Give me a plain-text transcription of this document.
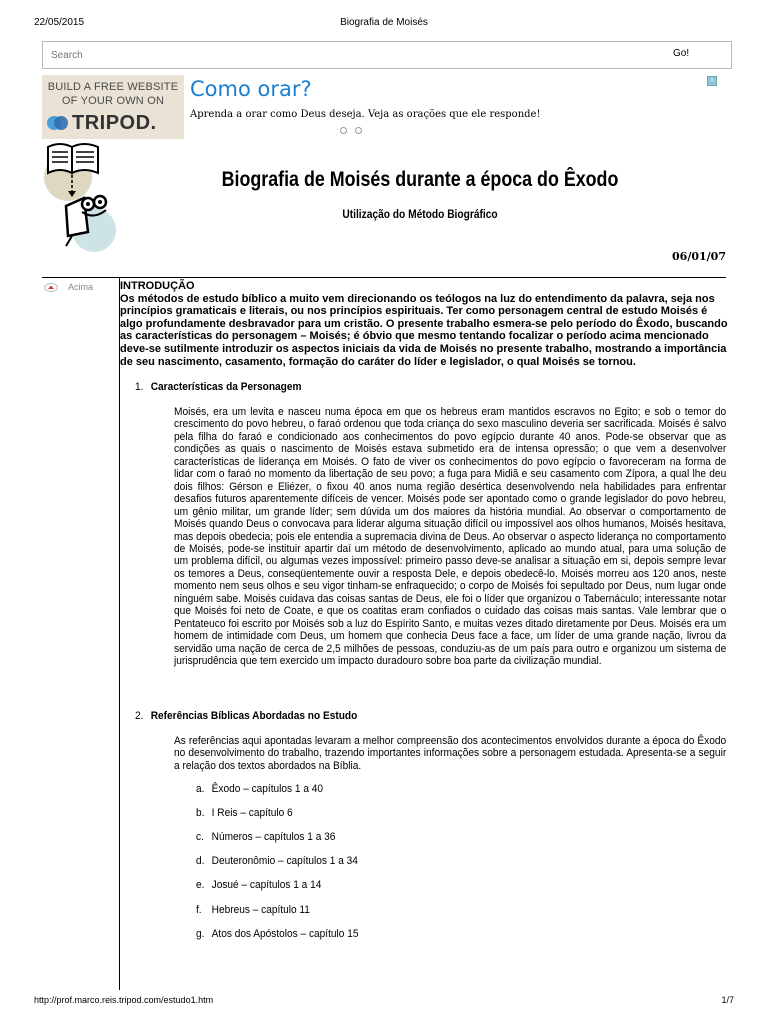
22/05/2015	Biografia de Moisés
Search
Go!
BUILD A FREE WEBSITE
OF YOUR OWN ON
TRIPOD.
Como orar?
Aprenda a orar como Deus deseja. Veja as orações que ele responde!
i
Biografia de Moisés durante a época do Êxodo
Utilização do Método Biográfico
06/01/07
Acima INTRODUÇÃO
Os métodos de estudo bíblico a muito vem direcionando os teólogos na luz do entendimento da palavra, seja nos princípios gramaticais e literais, ou nos princípios espirituais. Ter como personagem central de estudo Moisés é algo profundamente desbravador para um cristão. O presente trabalho esmera-se pelo período do Êxodo, buscando as características do personagem – Moisés; é óbvio que mesmo tentando focalizar o período acima mencionado deve-se sutilmente introduzir os aspectos iniciais da vida de Moisés no presente trabalho, mostrando a importância de seu nascimento, casamento, formação do caráter do líder e legislador, o qual Moisés se tornou.
1. Características da Personagem
Moisés, era um levita e nasceu numa época em que os hebreus eram mantidos escravos no Egito; e sob o temor do crescimento do povo hebreu, o faraó ordenou que toda criança do sexo masculino deveria ser sacrificada. Moisés é salvo pela filha do faraó e condicionado aos conhecimentos do povo egípcio durante 40 anos. Pode-se observar que as condições as quais o nascimento de Moisés estava submetido era de intensa opressão; o que vem a desenvolver características de liderança em Moisés. O fato de viver os conhecimentos do povo egípcio o favoreceram na forma de lidar com o faraó no momento da libertação de seu povo; a fuga para Midiã e seu casamento com Zípora, a qual lhe deu dois filhos: Gérson e Eliézer, o fixou 40 anos numa região desértica desenvolvendo nela habilidades para enfrentar desafios futuros aparentemente difíceis de vencer. Moisés pode ser apontado como o grande legislador do povo hebreu, um gênio militar, um grande líder; sem dúvida um dos maiores da história mundial. Ao observar o comportamento de Moisés quando Deus o convocava para liderar alguma situação difícil ou impossível aos olhos humanos, Moisés hesitava, mas depois obedecia; pois ele entendia a supremacia divina de Deus. Ao observar o aspecto liderança no comportamento de Moisés, pode-se instituir apartir daí um método de desenvolvimento, aplicado ao mundo atual, para uma solução de um problema difícil, ou algumas vezes impossível: primeiro passo deve-se analisar a situação em si, depois sempre levar os temores a Deus, conseqüentemente ouvir a resposta Dele, e depois obedecê-lo. Moisés morreu aos 120 anos, neste momento nem seus olhos e seu vigor tinham-se enfraquecido; o corpo de Moisés foi sepultado por Deus, num lugar onde ninguém sabe. Moisés cuidava das coisas santas de Deus, ele foi o líder que organizou o Tabernáculo; interessante notar que Moisés foi neto de Coate, e que os coatitas eram confiados o cuidado das coisas mais santas. Vale lembrar que o Pentateuco foi escrito por Moisés sob a luz do Espírito Santo, e muitas vezes ditado diretamente por Deus. Moisés era um homem de intimidade com Deus, um homem que conhecia Deus face a face, um líder de uma grande nação, livrou da servidão uma nação de cerca de 2,5 milhões de pessoas, conduziu-as de um país para outro e organizou um sistema de jurisprudência que tem exercido um impacto duradouro sobre boa parte da civilização mundial.
2. Referências Bíblicas Abordadas no Estudo
As referências aqui apontadas levaram a melhor compreensão dos acontecimentos envolvidos durante a época do Êxodo no desenvolvimento do trabalho, trazendo importantes informações sobre a personagem estudada. Apresenta-se a seguir a relação dos textos abordados na Bíblia.
a. Êxodo – capítulos 1 a 40
b. I Reis – capítulo 6
c. Números – capítulos 1 a 36
d. Deuteronômio – capítulos 1 a 34
e. Josué – capítulos 1 a 14
f. Hebreus – capítulo 11
g. Atos dos Apóstolos – capítulo 15
http://prof.marco.reis.tripod.com/estudo1.htm	1/7
